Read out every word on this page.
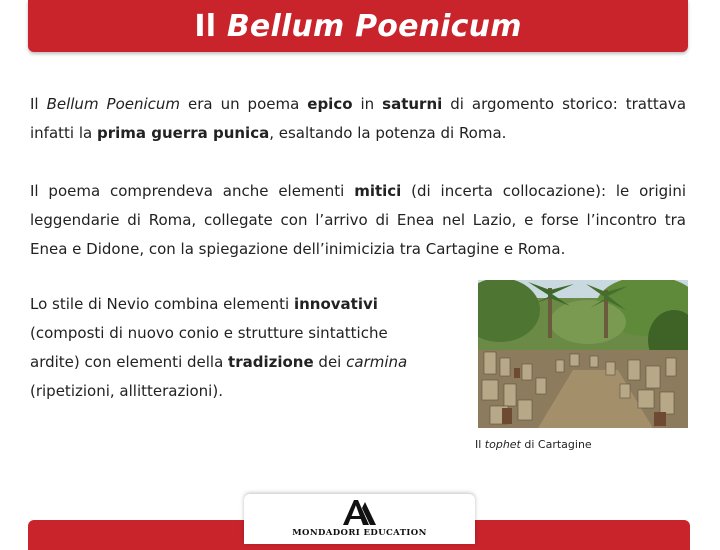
Il Bellum Poenicum

Il Bellum Poenicum era un poema epico in saturni di argomento storico: trattava infatti la prima guerra punica, esaltando la potenza di Roma.

Il poema comprendeva anche elementi mitici (di incerta collocazione): le origini leggendarie di Roma, collegate con l’arrivo di Enea nel Lazio, e forse l’incontro tra Enea e Didone, con la spiegazione dell’inimicizia tra Cartagine e Roma.

Lo stile di Nevio combina elementi innovativi (composti di nuovo conio e strutture sintattiche ardite) con elementi della tradizione dei carmina (ripetizioni, allitterazioni).

Il tophet di Cartagine

MONDADORI EDUCATION
